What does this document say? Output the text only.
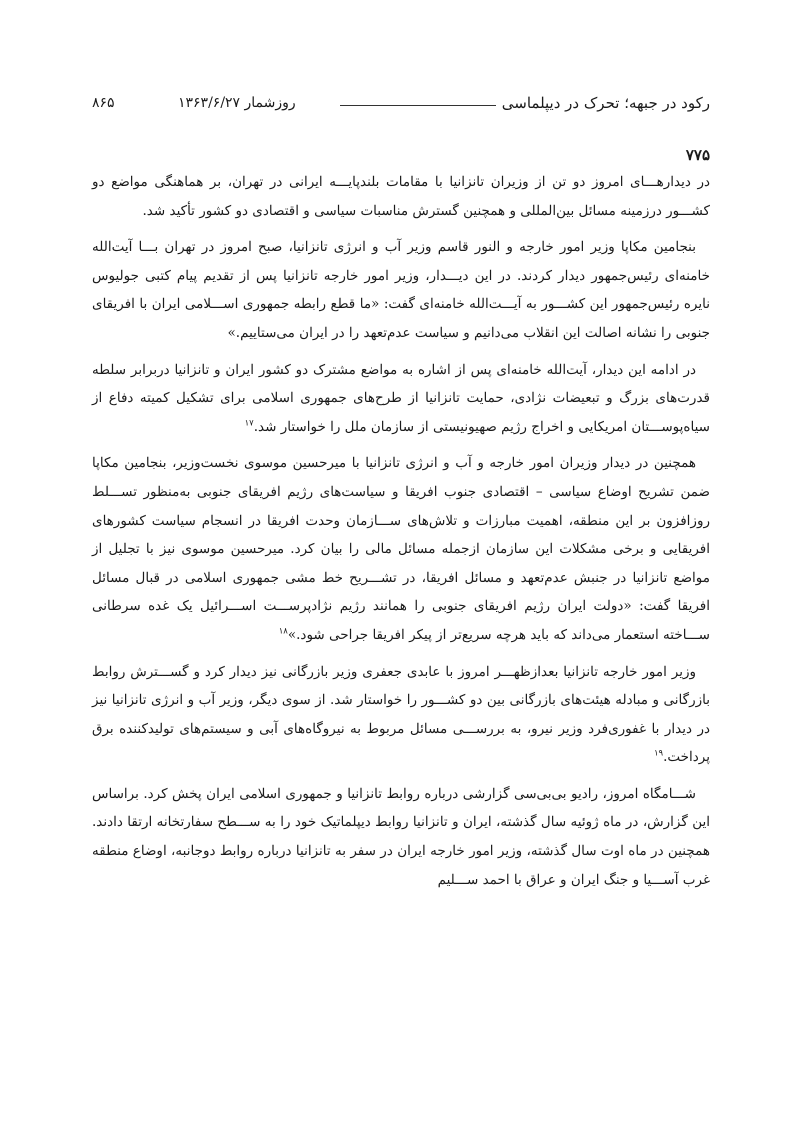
رکود در جبهه؛ تحرک در دیپلماسی
روزشمار ۱۳۶۳/۶/۲۷
۸۶۵
۷۷۵

در دیدارهـــای امروز دو تن از وزیران تانزانیا با مقامات بلندپایـــه ایرانی در تهران، بر هماهنگی مواضع دو کشـــور درزمینه مسائل بین‌المللی و همچنین گسترش مناسبات سیاسی و اقتصادی دو کشور تأکید شد.

بنجامین مکاپا وزیر امور خارجه و النور قاسم وزیر آب و انرژی تانزانیا، صبح امروز در تهران بـــا آیت‌الله خامنه‌ای رئیس‌جمهور دیدار کردند. در این دیـــدار، وزیر امور خارجه تانزانیا پس از تقدیم پیام کتبی جولیوس نایره رئیس‌جمهور این کشـــور به آیـــت‌الله خامنه‌ای گفت: «ما قطع رابطه جمهوری اســـلامی ایران با افریقای جنوبی را نشانه اصالت این انقلاب می‌دانیم و سیاست عدم‌تعهد را در ایران می‌ستاییم.»

در ادامه این دیدار، آیت‌الله خامنه‌ای پس از اشاره به مواضع مشترک دو کشور ایران و تانزانیا دربرابر سلطه قدرت‌های بزرگ و تبعیضات نژادی، حمایت تانزانیا از طرح‌های جمهوری اسلامی برای تشکیل کمیته دفاع از سیاه‌پوســـتان امریکایی و اخراج رژیم صهیونیستی از سازمان ملل را خواستار شد.$^{۱۷}$

همچنین در دیدار وزیران امور خارجه و آب و انرژی تانزانیا با میرحسین موسوی نخست‌وزیر، بنجامین مکاپا ضمن تشریح اوضاع سیاسی – اقتصادی جنوب افریقا و سیاست‌های رژیم افریقای جنوبی به‌منظور تســـلط روزافزون بر این منطقه، اهمیت مبارزات و تلاش‌های ســـازمان وحدت افریقا در انسجام سیاست کشورهای افریقایی و برخی مشکلات این سازمان ازجمله مسائل مالی را بیان کرد. میرحسین موسوی نیز با تجلیل از مواضع تانزانیا در جنبش عدم‌تعهد و مسائل افریقا، در تشـــریح خط مشی جمهوری اسلامی در قبال مسائل افریقا گفت: «دولت ایران رژیم افریقای جنوبی را همانند رژیم نژادپرســـت اســـرائیل یک غده سرطانی ســـاخته استعمار می‌داند که باید هرچه سریع‌تر از پیکر افریقا جراحی شود.»$^{۱۸}$

وزیر امور خارجه تانزانیا بعدازظهـــر امروز با عابدی جعفری وزیر بازرگانی نیز دیدار کرد و گســـترش روابط بازرگانی و مبادله هیئت‌های بازرگانی بین دو کشـــور را خواستار شد. از سوی دیگر، وزیر آب و انرژی تانزانیا نیز در دیدار با غفوری‌فرد وزیر نیرو، به بررســـی مسائل مربوط به نیروگاه‌های آبی و سیستم‌های تولیدکننده برق پرداخت.$^{۱۹}$

شـــامگاه امروز، رادیو بی‌بی‌سی گزارشی درباره روابط تانزانیا و جمهوری اسلامی ایران پخش کرد. براساس این گزارش، در ماه ژوئیه سال گذشته، ایران و تانزانیا روابط دیپلماتیک خود را به ســـطح سفارتخانه ارتقا دادند. همچنین در ماه اوت سال گذشته، وزیر امور خارجه ایران در سفر به تانزانیا درباره روابط دوجانبه، اوضاع منطقه غرب آســـیا و جنگ ایران و عراق با احمد ســـلیم
